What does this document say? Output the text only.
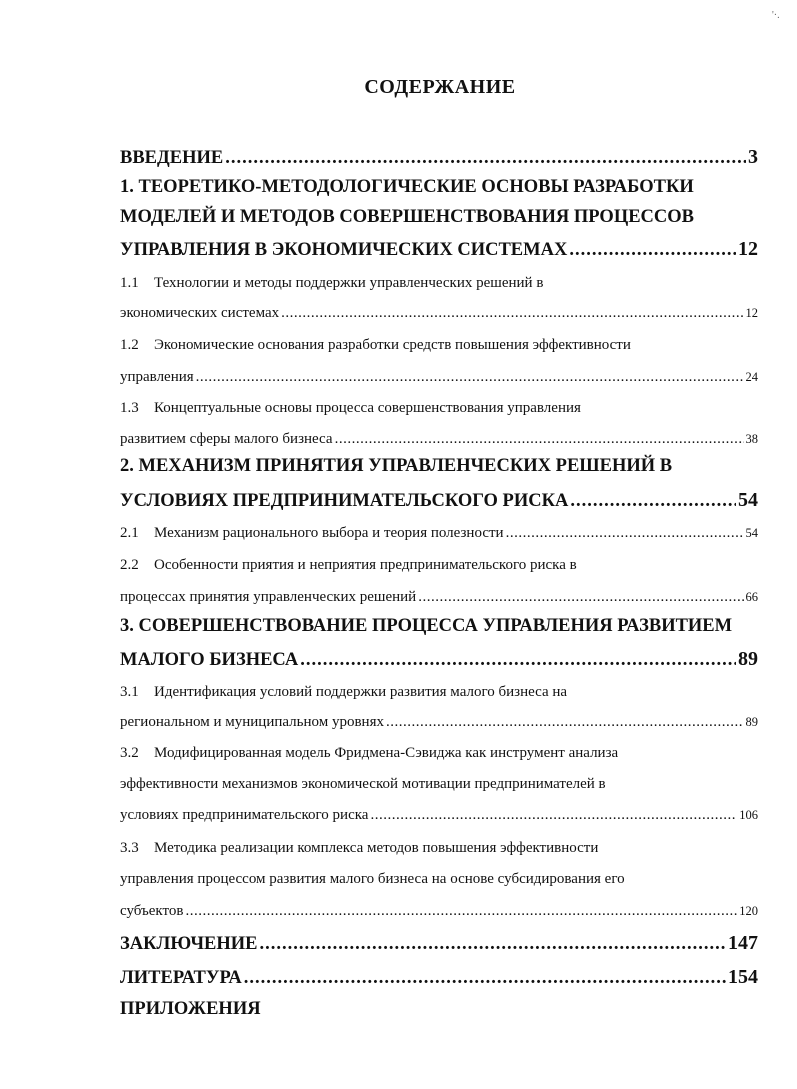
'·.
СОДЕРЖАНИЕ
ВВЕДЕНИЕ .....	3
1. ТЕОРЕТИКО-МЕТОДОЛОГИЧЕСКИЕ ОСНОВЫ РАЗРАБОТКИ
МОДЕЛЕЙ И МЕТОДОВ СОВЕРШЕНСТВОВАНИЯ ПРОЦЕССОВ
УПРАВЛЕНИЯ В ЭКОНОМИЧЕСКИХ СИСТЕМАХ .....	12
1.1 Технологии и методы поддержки управленческих решений в
экономических системах .....	12
1.2 Экономические основания разработки средств повышения эффективности
управления .....	24
1.3 Концептуальные основы процесса совершенствования управления
развитием сферы малого бизнеса .....	38
2. МЕХАНИЗМ ПРИНЯТИЯ УПРАВЛЕНЧЕСКИХ РЕШЕНИЙ В
УСЛОВИЯХ ПРЕДПРИНИМАТЕЛЬСКОГО РИСКА .....	54
2.1 Механизм рационального выбора и теория полезности .....	54
2.2 Особенности приятия и неприятия предпринимательского риска в
процессах принятия управленческих решений .....	66
3. СОВЕРШЕНСТВОВАНИЕ ПРОЦЕССА УПРАВЛЕНИЯ РАЗВИТИЕМ
МАЛОГО БИЗНЕСА .....	89
3.1 Идентификация условий поддержки развития малого бизнеса на
региональном и муниципальном уровнях .....	89
3.2 Модифицированная модель Фридмена-Сэвиджа как инструмент анализа
эффективности механизмов экономической мотивации предпринимателей в
условиях предпринимательского риска .....	106
3.3 Методика реализации комплекса методов повышения эффективности
управления процессом развития малого бизнеса на основе субсидирования его
субъектов .....	120
ЗАКЛЮЧЕНИЕ .....	147
ЛИТЕРАТУРА .....	154
ПРИЛОЖЕНИЯ
